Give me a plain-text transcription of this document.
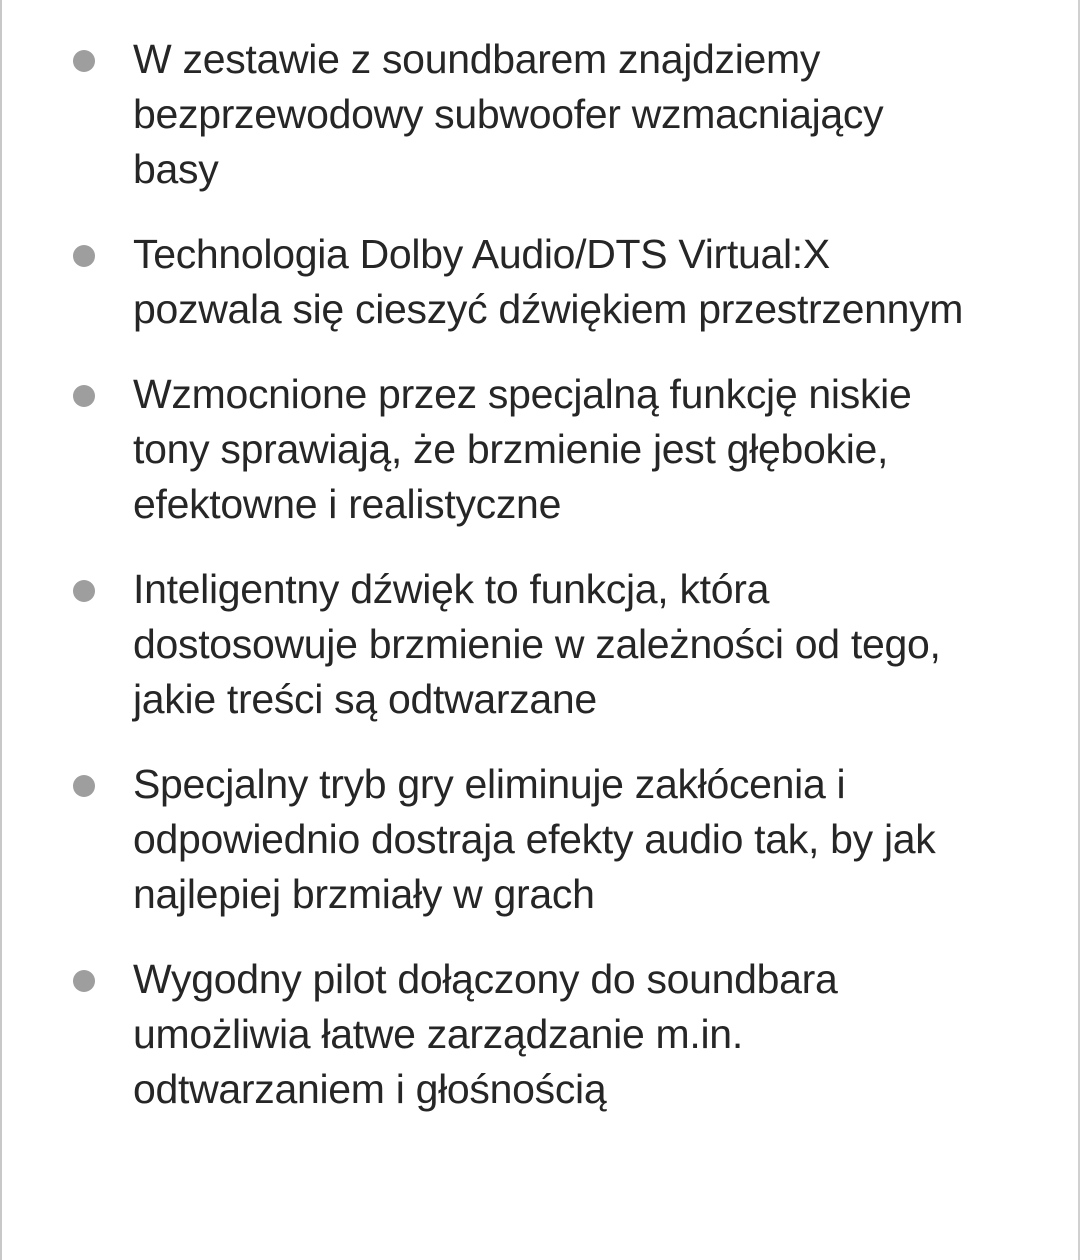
W zestawie z soundbarem znajdziemy bezprzewodowy subwoofer wzmacniający basy
Technologia Dolby Audio/DTS Virtual:X pozwala się cieszyć dźwiękiem przestrzennym
Wzmocnione przez specjalną funkcję niskie tony sprawiają, że brzmienie jest głębokie, efektowne i realistyczne
Inteligentny dźwięk to funkcja, która dostosowuje brzmienie w zależności od tego, jakie treści są odtwarzane
Specjalny tryb gry eliminuje zakłócenia i odpowiednio dostraja efekty audio tak, by jak najlepiej brzmiały w grach
Wygodny pilot dołączony do soundbara umożliwia łatwe zarządzanie m.in. odtwarzaniem i głośnością
